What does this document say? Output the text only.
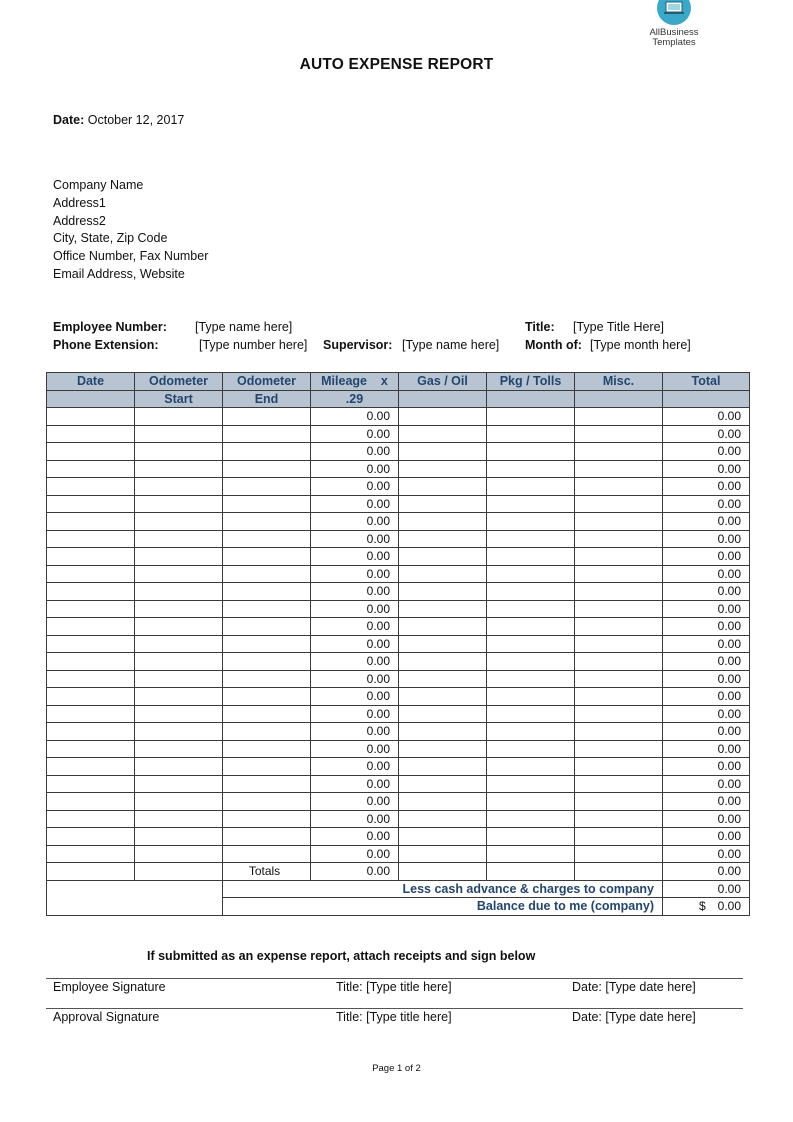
AllBusiness
Templates
AUTO EXPENSE REPORT
Date: October 12, 2017
Company Name
Address1
Address2
City, State, Zip Code
Office Number, Fax Number
Email Address, Website
Employee Number: [Type name here]	Title: [Type Title Here]
Phone Extension:	[Type number here] Supervisor: [Type name here] Month of: [Type month here]
Date	Odometer	Odometer	Mileage    x	Gas / Oil	Pkg / Tolls	Misc.	Total
	Start	End	.29				
			0.00				0.00
			0.00				0.00
			0.00				0.00
			0.00				0.00
			0.00				0.00
			0.00				0.00
			0.00				0.00
			0.00				0.00
			0.00				0.00
			0.00				0.00
			0.00				0.00
			0.00				0.00
			0.00				0.00
			0.00				0.00
			0.00				0.00
			0.00				0.00
			0.00				0.00
			0.00				0.00
			0.00				0.00
			0.00				0.00
			0.00				0.00
			0.00				0.00
			0.00				0.00
			0.00				0.00
			0.00				0.00
			0.00				0.00
		Totals	0.00				0.00
		Less cash advance & charges to company					0.00
		Balance due to me (company)					$ 0.00
If submitted as an expense report, attach receipts and sign below
Employee Signature	Title: [Type title here]	Date: [Type date here]
Approval Signature	Title: [Type title here]	Date: [Type date here]
Page 1 of 2
